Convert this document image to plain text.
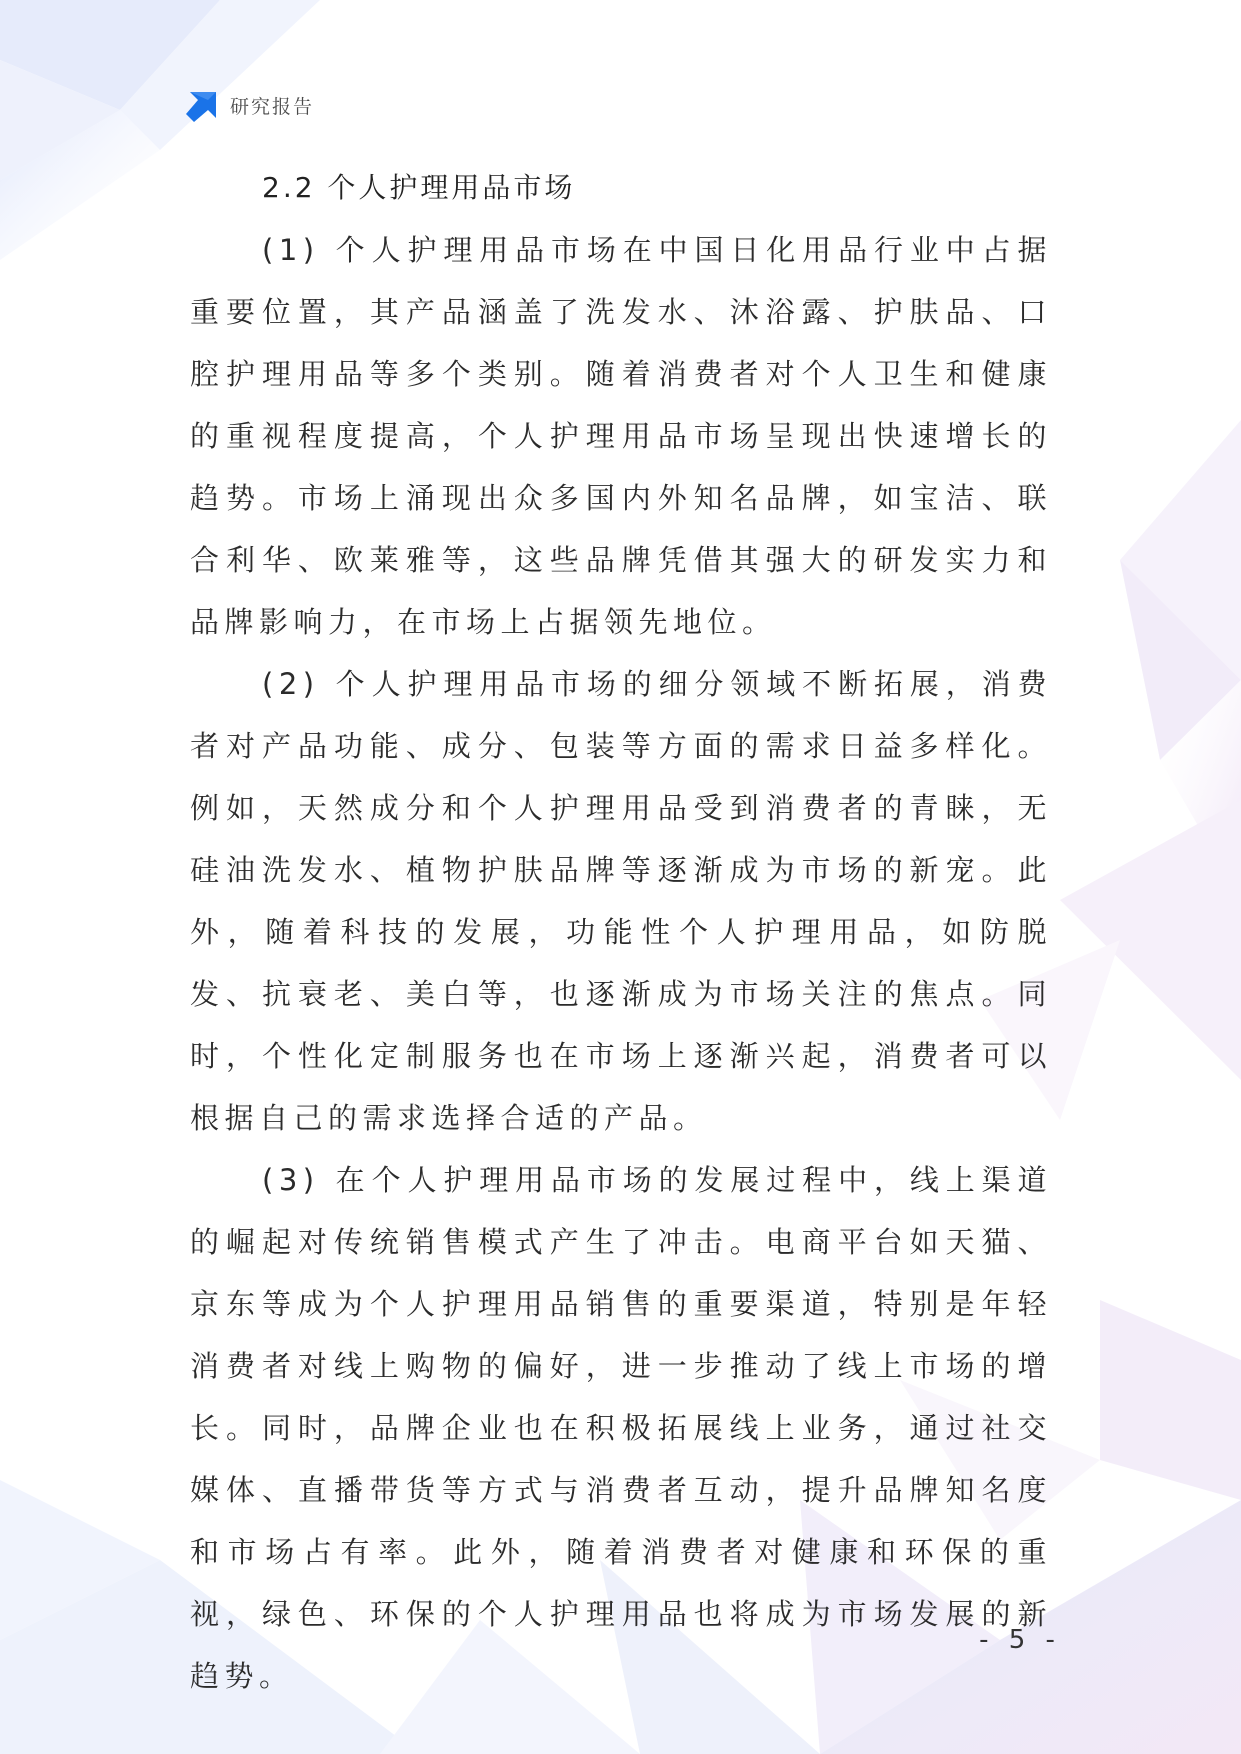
研究报告
2.2 个人护理用品市场

(1) 个人护理用品市场在中国日化用品行业中占据重要位置，其产品涵盖了洗发水、沐浴露、护肤品、口腔护理用品等多个类别。随着消费者对个人卫生和健康的重视程度提高，个人护理用品市场呈现出快速增长的趋势。市场上涌现出众多国内外知名品牌，如宝洁、联合利华、欧莱雅等，这些品牌凭借其强大的研发实力和品牌影响力，在市场上占据领先地位。

(2) 个人护理用品市场的细分领域不断拓展，消费者对产品功能、成分、包装等方面的需求日益多样化。例如，天然成分和个人护理用品受到消费者的青睐，无硅油洗发水、植物护肤品牌等逐渐成为市场的新宠。此外，随着科技的发展，功能性个人护理用品，如防脱发、抗衰老、美白等，也逐渐成为市场关注的焦点。同时，个性化定制服务也在市场上逐渐兴起，消费者可以根据自己的需求选择合适的产品。

(3) 在个人护理用品市场的发展过程中，线上渠道的崛起对传统销售模式产生了冲击。电商平台如天猫、京东等成为个人护理用品销售的重要渠道，特别是年轻消费者对线上购物的偏好，进一步推动了线上市场的增长。同时，品牌企业也在积极拓展线上业务，通过社交媒体、直播带货等方式与消费者互动，提升品牌知名度和市场占有率。此外，随着消费者对健康和环保的重视，绿色、环保的个人护理用品也将成为市场发展的新趋势。

- 5 -
